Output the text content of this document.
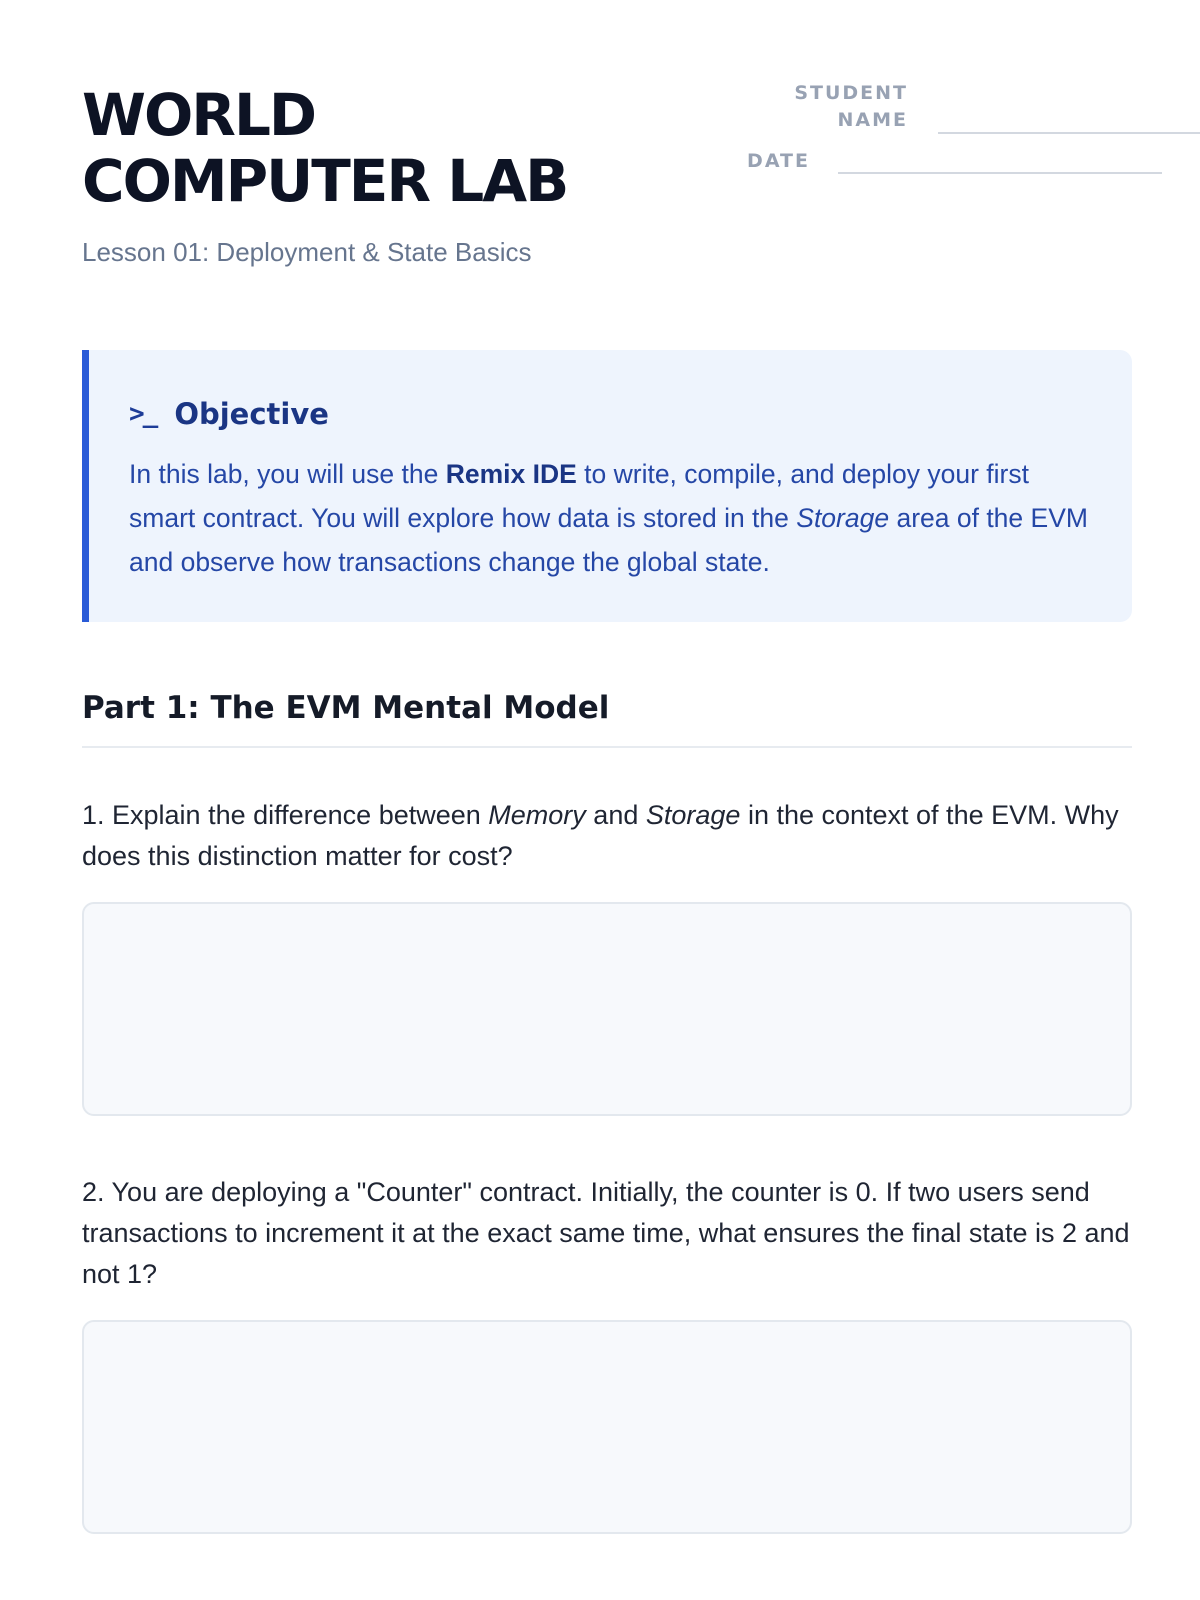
WORLD
COMPUTER LAB
Lesson 01: Deployment & State Basics
STUDENT
NAME
DATE
>_ Objective
In this lab, you will use the Remix IDE to write, compile, and deploy your first smart contract. You will explore how data is stored in the Storage area of the EVM and observe how transactions change the global state.
Part 1: The EVM Mental Model

1. Explain the difference between Memory and Storage in the context of the EVM. Why does this distinction matter for cost?

2. You are deploying a "Counter" contract. Initially, the counter is 0. If two users send transactions to increment it at the exact same time, what ensures the final state is 2 and not 1?
